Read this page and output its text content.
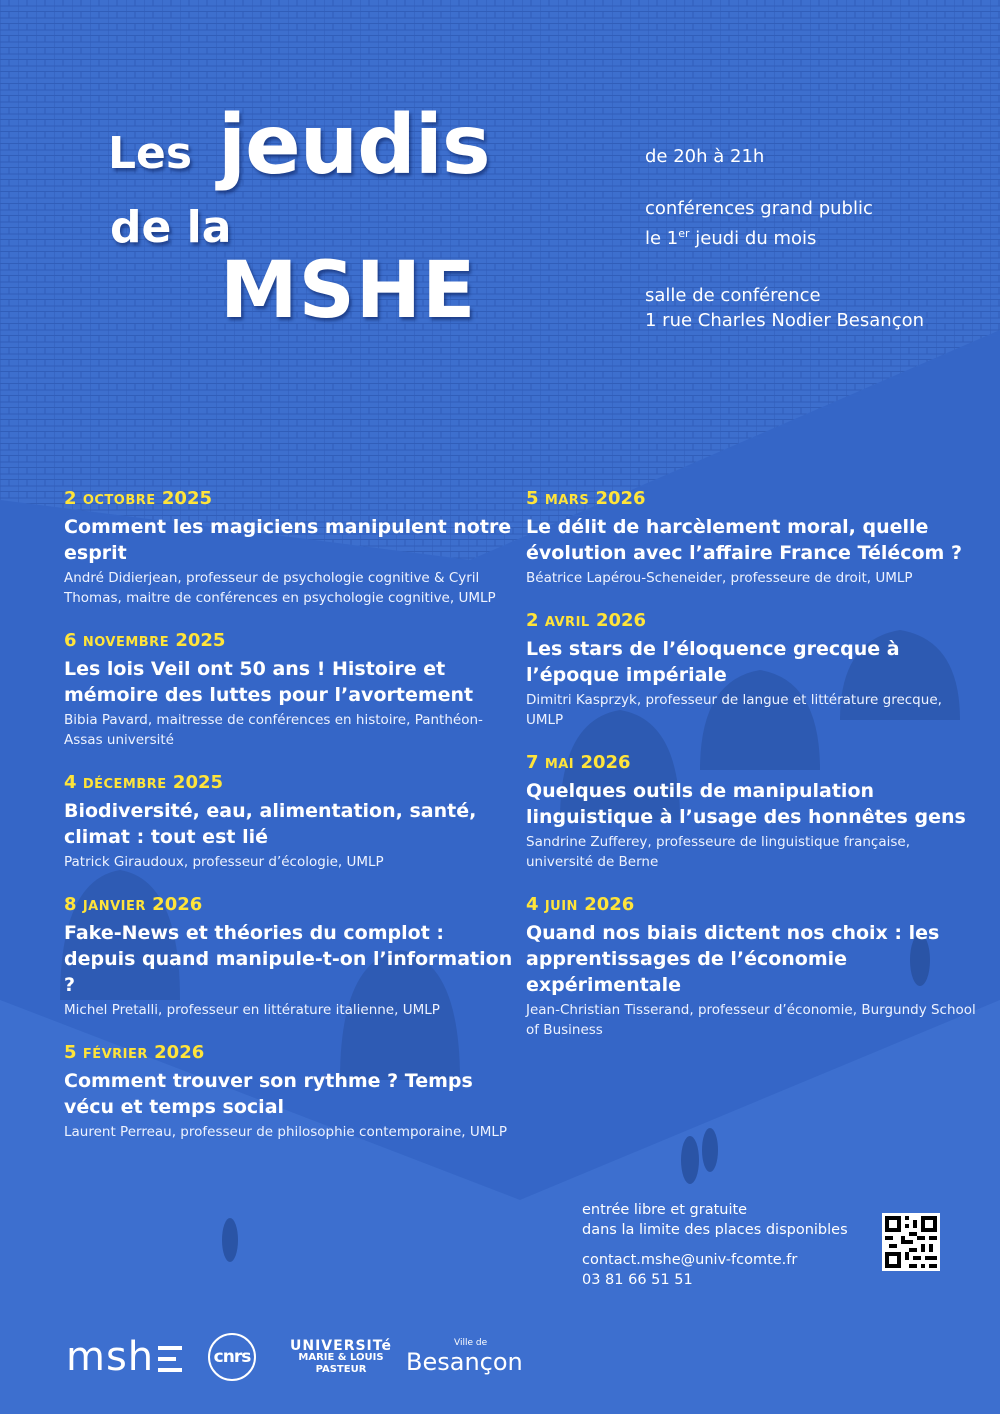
Les jeudis
de la
MSHE
de 20h à 21h
conférences grand public
le 1er jeudi du mois
salle de conférence
1 rue Charles Nodier Besançon
2 OCTOBRE 2025
Comment les magiciens manipulent notre esprit
André Didierjean, professeur de psychologie cognitive & Cyril Thomas, maitre de conférences en psychologie cognitive, UMLP
6 NOVEMBRE 2025
Les lois Veil ont 50 ans ! Histoire et mémoire des luttes pour l’avortement
Bibia Pavard, maitresse de conférences en histoire, Panthéon-Assas université
4 DÉCEMBRE 2025
Biodiversité, eau, alimentation, santé, climat : tout est lié
Patrick Giraudoux, professeur d’écologie, UMLP
8 JANVIER 2026
Fake-News et théories du complot : depuis quand manipule-t-on l’information ?
Michel Pretalli, professeur en littérature italienne, UMLP
5 FÉVRIER 2026
Comment trouver son rythme ? Temps vécu et temps social
Laurent Perreau, professeur de philosophie contemporaine, UMLP
5 MARS 2026
Le délit de harcèlement moral, quelle évolution avec l’affaire France Télécom ?
Béatrice Lapérou-Scheneider, professeure de droit, UMLP
2 AVRIL 2026
Les stars de l’éloquence grecque à l’époque impériale
Dimitri Kasprzyk, professeur de langue et littérature grecque, UMLP
7 MAI 2026
Quelques outils de manipulation linguistique à l’usage des honnêtes gens
Sandrine Zufferey, professeure de linguistique française, université de Berne
4 JUIN 2026
Quand nos biais dictent nos choix : les apprentissages de l’économie expérimentale
Jean-Christian Tisserand, professeur d’économie, Burgundy School of Business
entrée libre et gratuite
dans la limite des places disponibles
contact.mshe@univ-fcomte.fr
03 81 66 51 51
msh	cnrs
UNIVERSITé
MARIE & LOUIS
PASTEUR
Ville de
Besançon
